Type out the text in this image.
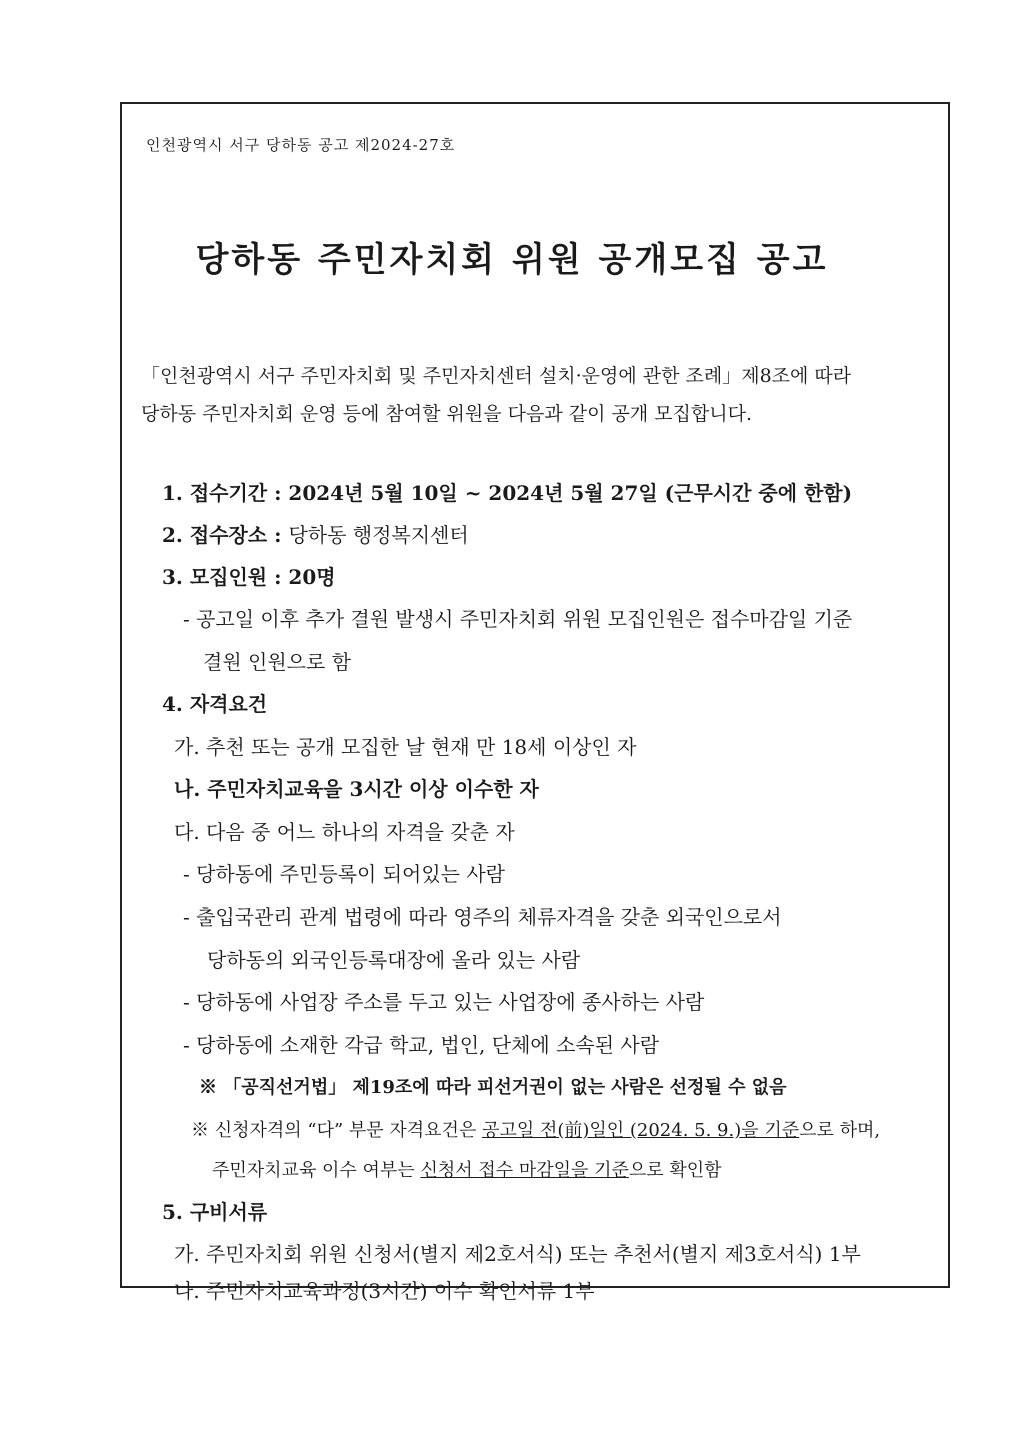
인천광역시 서구 당하동 공고 제2024-27호
당하동 주민자치회 위원 공개모집 공고
「인천광역시 서구 주민자치회 및 주민자치센터 설치·운영에 관한 조례」제8조에 따라
당하동 주민자치회 운영 등에 참여할 위원을 다음과 같이 공개 모집합니다.
1. 접수기간 : 2024년 5월 10일 ~ 2024년 5월 27일 (근무시간 중에 한함)
2. 접수장소 : 당하동 행정복지센터
3. 모집인원 : 20명
- 공고일 이후 추가 결원 발생시 주민자치회 위원 모집인원은 접수마감일 기준
결원 인원으로 함
4. 자격요건
가. 추천 또는 공개 모집한 날 현재 만 18세 이상인 자
나. 주민자치교육을 3시간 이상 이수한 자
다. 다음 중 어느 하나의 자격을 갖춘 자
- 당하동에 주민등록이 되어있는 사람
- 출입국관리 관계 법령에 따라 영주의 체류자격을 갖춘 외국인으로서
당하동의 외국인등록대장에 올라 있는 사람
- 당하동에 사업장 주소를 두고 있는 사업장에 종사하는 사람
- 당하동에 소재한 각급 학교, 법인, 단체에 소속된 사람
※ 「공직선거법」 제19조에 따라 피선거권이 없는 사람은 선정될 수 없음
※ 신청자격의 “다” 부문 자격요건은 공고일 전(前)일인 (2024. 5. 9.)을 기준으로 하며,
주민자치교육 이수 여부는 신청서 접수 마감일을 기준으로 확인함
5. 구비서류
가. 주민자치회 위원 신청서(별지 제2호서식) 또는 추천서(별지 제3호서식) 1부
나. 주민자치교육과정(3시간) 이수 확인서류 1부
